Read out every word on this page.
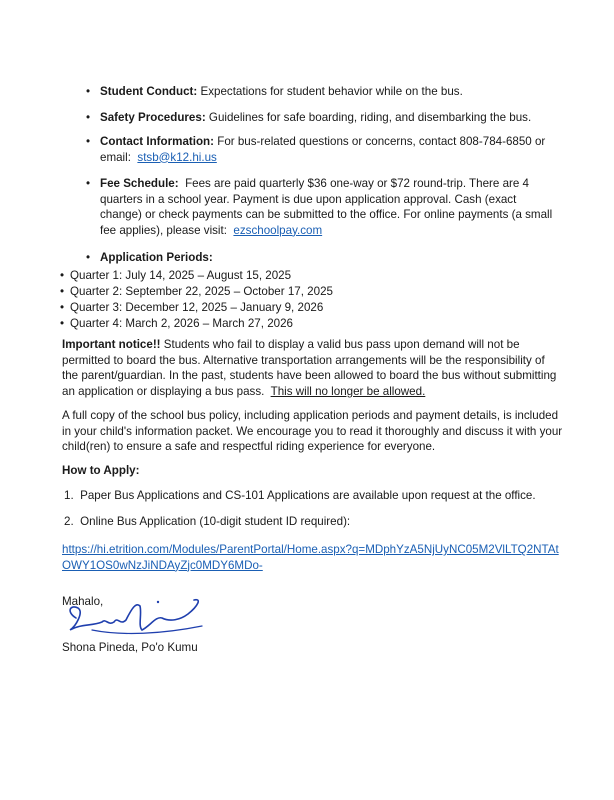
• Student Conduct: Expectations for student behavior while on the bus.
• Safety Procedures: Guidelines for safe boarding, riding, and disembarking the bus.
• Contact Information: For bus-related questions or concerns, contact 808-784-6850 or
email: stsb@k12.hi.us
• Fee Schedule: Fees are paid quarterly $36 one-way or $72 round-trip. There are 4
quarters in a school year. Payment is due upon application approval. Cash (exact
change) or check payments can be submitted to the office. For online payments (a small
fee applies), please visit: ezschoolpay.com
• Application Periods:
• Quarter 1: July 14, 2025 – August 15, 2025
• Quarter 2: September 22, 2025 – October 17, 2025
• Quarter 3: December 12, 2025 – January 9, 2026
• Quarter 4: March 2, 2026 – March 27, 2026
Important notice!! Students who fail to display a valid bus pass upon demand will not be
permitted to board the bus. Alternative transportation arrangements will be the responsibility of
the parent/guardian. In the past, students have been allowed to board the bus without submitting
an application or displaying a bus pass. This will no longer be allowed.
A full copy of the school bus policy, including application periods and payment details, is included
in your child's information packet. We encourage you to read it thoroughly and discuss it with your
child(ren) to ensure a safe and respectful riding experience for everyone.
How to Apply:
1. Paper Bus Applications and CS-101 Applications are available upon request at the office.
2. Online Bus Application (10-digit student ID required):
https://hi.etrition.com/Modules/ParentPortal/Home.aspx?q=MDphYzA5NjUyNC05M2VlLTQ2NTAt
OWY1OS0wNzJiNDAyZjc0MDY6MDo-
Mahalo,
Shona Pineda, Po'o Kumu
